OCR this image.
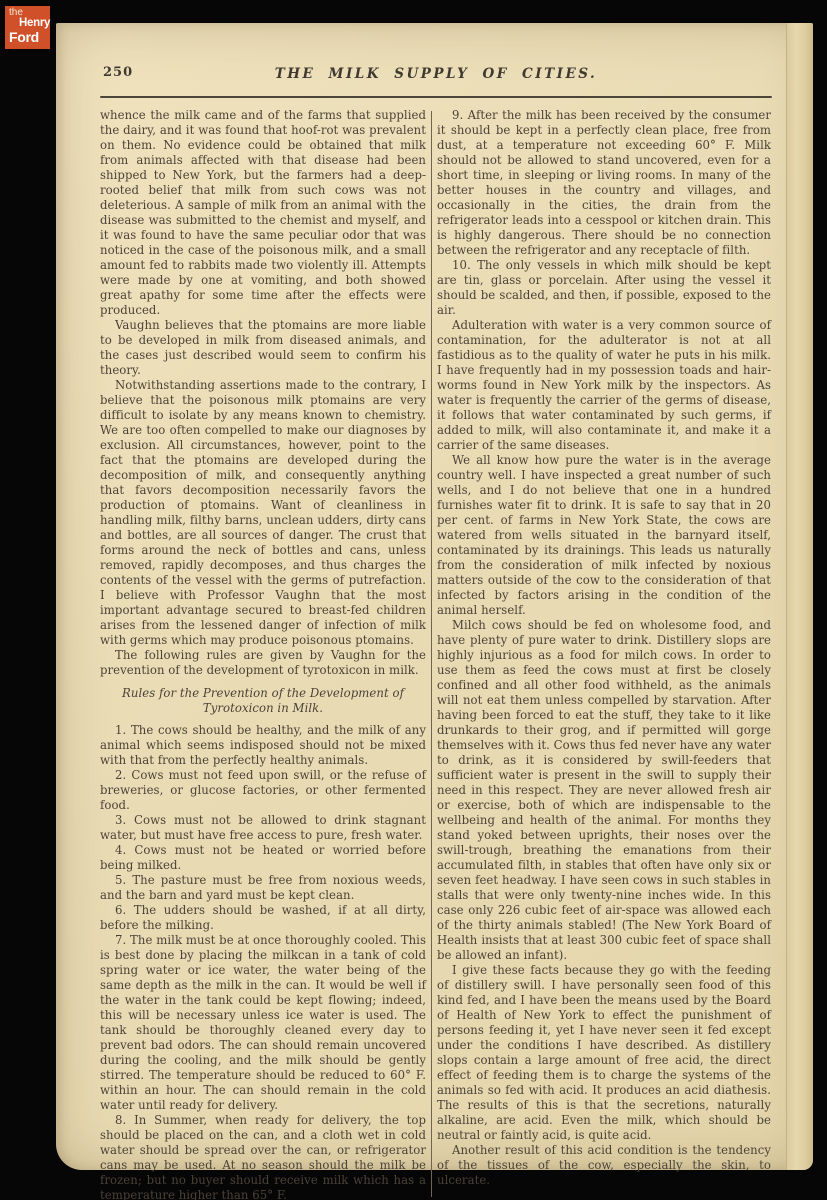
250	THE MILK SUPPLY OF CITIES.

whence the milk came and of the farms that supplied the dairy, and it was found that hoof-rot was prevalent on them. No evidence could be obtained that milk from animals affected with that disease had been shipped to New York, but the farmers had a deep-rooted belief that milk from such cows was not deleterious. A sample of milk from an animal with the disease was submitted to the chemist and myself, and it was found to have the same peculiar odor that was noticed in the case of the poisonous milk, and a small amount fed to rabbits made two violently ill. Attempts were made by one at vomiting, and both showed great apathy for some time after the effects were produced.

Vaughn believes that the ptomains are more liable to be developed in milk from diseased animals, and the cases just described would seem to confirm his theory.

Notwithstanding assertions made to the contrary, I believe that the poisonous milk ptomains are very difficult to isolate by any means known to chemistry. We are too often compelled to make our diagnoses by exclusion. All circumstances, however, point to the fact that the ptomains are developed during the decomposition of milk, and consequently anything that favors decomposition necessarily favors the production of ptomains. Want of cleanliness in handling milk, filthy barns, unclean udders, dirty cans and bottles, are all sources of danger. The crust that forms around the neck of bottles and cans, unless removed, rapidly decomposes, and thus charges the contents of the vessel with the germs of putrefaction. I believe with Professor Vaughn that the most important advantage secured to breast-fed children arises from the lessened danger of infection of milk with germs which may produce poisonous ptomains.

The following rules are given by Vaughn for the prevention of the development of tyrotoxicon in milk.

Rules for the Prevention of the Development of Tyrotoxicon in Milk.

1. The cows should be healthy, and the milk of any animal which seems indisposed should not be mixed with that from the perfectly healthy animals.

2. Cows must not feed upon swill, or the refuse of breweries, or glucose factories, or other fermented food.

3. Cows must not be allowed to drink stagnant water, but must have free access to pure, fresh water.

4. Cows must not be heated or worried before being milked.

5. The pasture must be free from noxious weeds, and the barn and yard must be kept clean.

6. The udders should be washed, if at all dirty, before the milking.

7. The milk must be at once thoroughly cooled. This is best done by placing the milkcan in a tank of cold spring water or ice water, the water being of the same depth as the milk in the can. It would be well if the water in the tank could be kept flowing; indeed, this will be necessary unless ice water is used. The tank should be thoroughly cleaned every day to prevent bad odors. The can should remain uncovered during the cooling, and the milk should be gently stirred. The temperature should be reduced to 60° F. within an hour. The can should remain in the cold water until ready for delivery.

8. In Summer, when ready for delivery, the top should be placed on the can, and a cloth wet in cold water should be spread over the can, or refrigerator cans may be used. At no season should the milk be frozen; but no buyer should receive milk which has a temperature higher than 65° F.

9. After the milk has been received by the consumer it should be kept in a perfectly clean place, free from dust, at a temperature not exceeding 60° F. Milk should not be allowed to stand uncovered, even for a short time, in sleeping or living rooms. In many of the better houses in the country and villages, and occasionally in the cities, the drain from the refrigerator leads into a cesspool or kitchen drain. This is highly dangerous. There should be no connection between the refrigerator and any receptacle of filth.

10. The only vessels in which milk should be kept are tin, glass or porcelain. After using the vessel it should be scalded, and then, if possible, exposed to the air.

Adulteration with water is a very common source of contamination, for the adulterator is not at all fastidious as to the quality of water he puts in his milk. I have frequently had in my possession toads and hair-worms found in New York milk by the inspectors. As water is frequently the carrier of the germs of disease, it follows that water contaminated by such germs, if added to milk, will also contaminate it, and make it a carrier of the same diseases.

We all know how pure the water is in the average country well. I have inspected a great number of such wells, and I do not believe that one in a hundred furnishes water fit to drink. It is safe to say that in 20 per cent. of farms in New York State, the cows are watered from wells situated in the barnyard itself, contaminated by its drainings. This leads us naturally from the consideration of milk infected by noxious matters outside of the cow to the consideration of that infected by factors arising in the condition of the animal herself.

Milch cows should be fed on wholesome food, and have plenty of pure water to drink. Distillery slops are highly injurious as a food for milch cows. In order to use them as feed the cows must at first be closely confined and all other food withheld, as the animals will not eat them unless compelled by starvation. After having been forced to eat the stuff, they take to it like drunkards to their grog, and if permitted will gorge themselves with it. Cows thus fed never have any water to drink, as it is considered by swill-feeders that sufficient water is present in the swill to supply their need in this respect. They are never allowed fresh air or exercise, both of which are indispensable to the wellbeing and health of the animal. For months they stand yoked between uprights, their noses over the swill-trough, breathing the emanations from their accumulated filth, in stables that often have only six or seven feet headway. I have seen cows in such stables in stalls that were only twenty-nine inches wide. In this case only 226 cubic feet of air-space was allowed each of the thirty animals stabled! (The New York Board of Health insists that at least 300 cubic feet of space shall be allowed an infant).

I give these facts because they go with the feeding of distillery swill. I have personally seen food of this kind fed, and I have been the means used by the Board of Health of New York to effect the punishment of persons feeding it, yet I have never seen it fed except under the conditions I have described. As distillery slops contain a large amount of free acid, the direct effect of feeding them is to charge the systems of the animals so fed with acid. It produces an acid diathesis. The results of this is that the secretions, naturally alkaline, are acid. Even the milk, which should be neutral or faintly acid, is quite acid.

Another result of this acid condition is the tendency of the tissues of the cow, especially the skin, to ulcerate.

the
Henry
Ford
